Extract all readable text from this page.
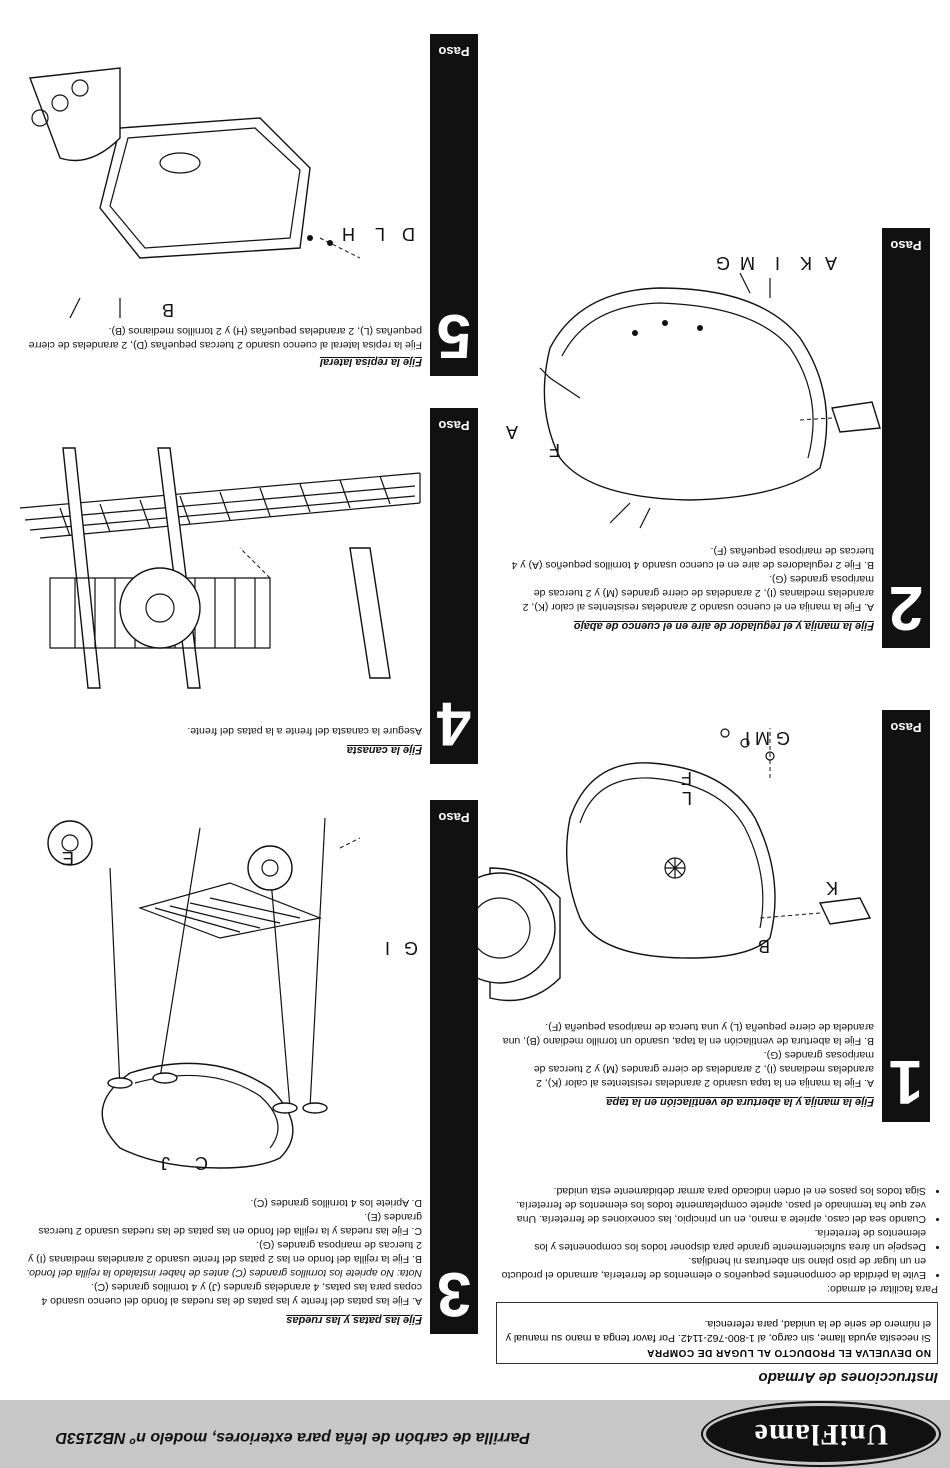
UniFlame
Parrilla de carbón de leña para exteriores, modelo nº NB2153D
Instrucciones de Armado
NO DEVUELVA EL PRODUCTO AL LUGAR DE COMPRA
Si necesita ayuda llame, sin cargo, al 1-800-762-1142. Por favor tenga a mano su manual y el número de serie de la unidad, para referencia.
Para facilitar el armado:
• Evite la pérdida de componentes pequeños o elementos de ferretería, armando el producto en un lugar de piso plano sin aberturas ni hendijas.
• Despeje un área suficientemente grande para disponer todos los componentes y los elementos de ferretería.
• Cuando sea del caso, apriete a mano, en un principio, las conexiones de ferretería. Una vez que ha terminado el paso, apriete completamente todos los elementos de ferretería.
• Siga todos los pasos en el orden indicado para armar debidamente esta unidad.
1
Paso
Fije la manija y la abertura de ventilación en la tapa
A. Fije la manija en la tapa usando 2 arandelas resistentes al calor (K), 2 arandelas medianas (I), 2 arandelas de cierre grandes (M) y 2 tuercas de mariposas grandes (G).
B. Fije la abertura de ventilación en la tapa, usando un tornillo mediano (B), una arandela de cierre pequeña (L) y una tuerca de mariposa pequeña (F).
B
K
L
F
G
M
I
2
Paso
Fije la manija y el regulador de aire en el cuenco de abajo
A. Fije la manija en el cuenco usando 2 arandelas resistentes al calor (K), 2 arandelas medianas (I), 2 arandelas de cierre grandes (M) y 2 tuercas de mariposa grandes (G).
B. Fije 2 reguladores de aire en el cuenco usando 4 tornillos pequeños (A) y 4 tuercas de mariposa pequeñas (F).
F
A
A
K
I
M
G
3
Paso
Fije las patas y las ruedas
A. Fije las patas del frente y las patas de las ruedas al fondo del cuenco usando 4 copas para las patas, 4 arandelas grandes (J) y 4 tornillos grandes (C).
Nota: No apriete los tornillos grandes (C) antes de haber instalado la rejilla del fondo.
B. Fije la rejilla del fondo en las 2 patas del frente usando 2 arandelas medianas (I) y 2 tuercas de mariposa grandes (G).
C. Fije las ruedas y la rejilla del fondo en las patas de las ruedas usando 2 tuercas grandes (E).
D. Apriete los 4 tornillos grandes (C).
C
J
G
I
E
4
Paso
Fije la canasta
Asegure la canasta del frente a la patas del frente.
5
Paso
Fije la repisa lateral
Fije la repisa lateral al cuenco usando 2 tuercas pequeñas (D), 2 arandelas de cierre pequeñas (L), 2 arandelas pequeñas (H) y 2 tornillos medianos (B).
B
D
L
H
